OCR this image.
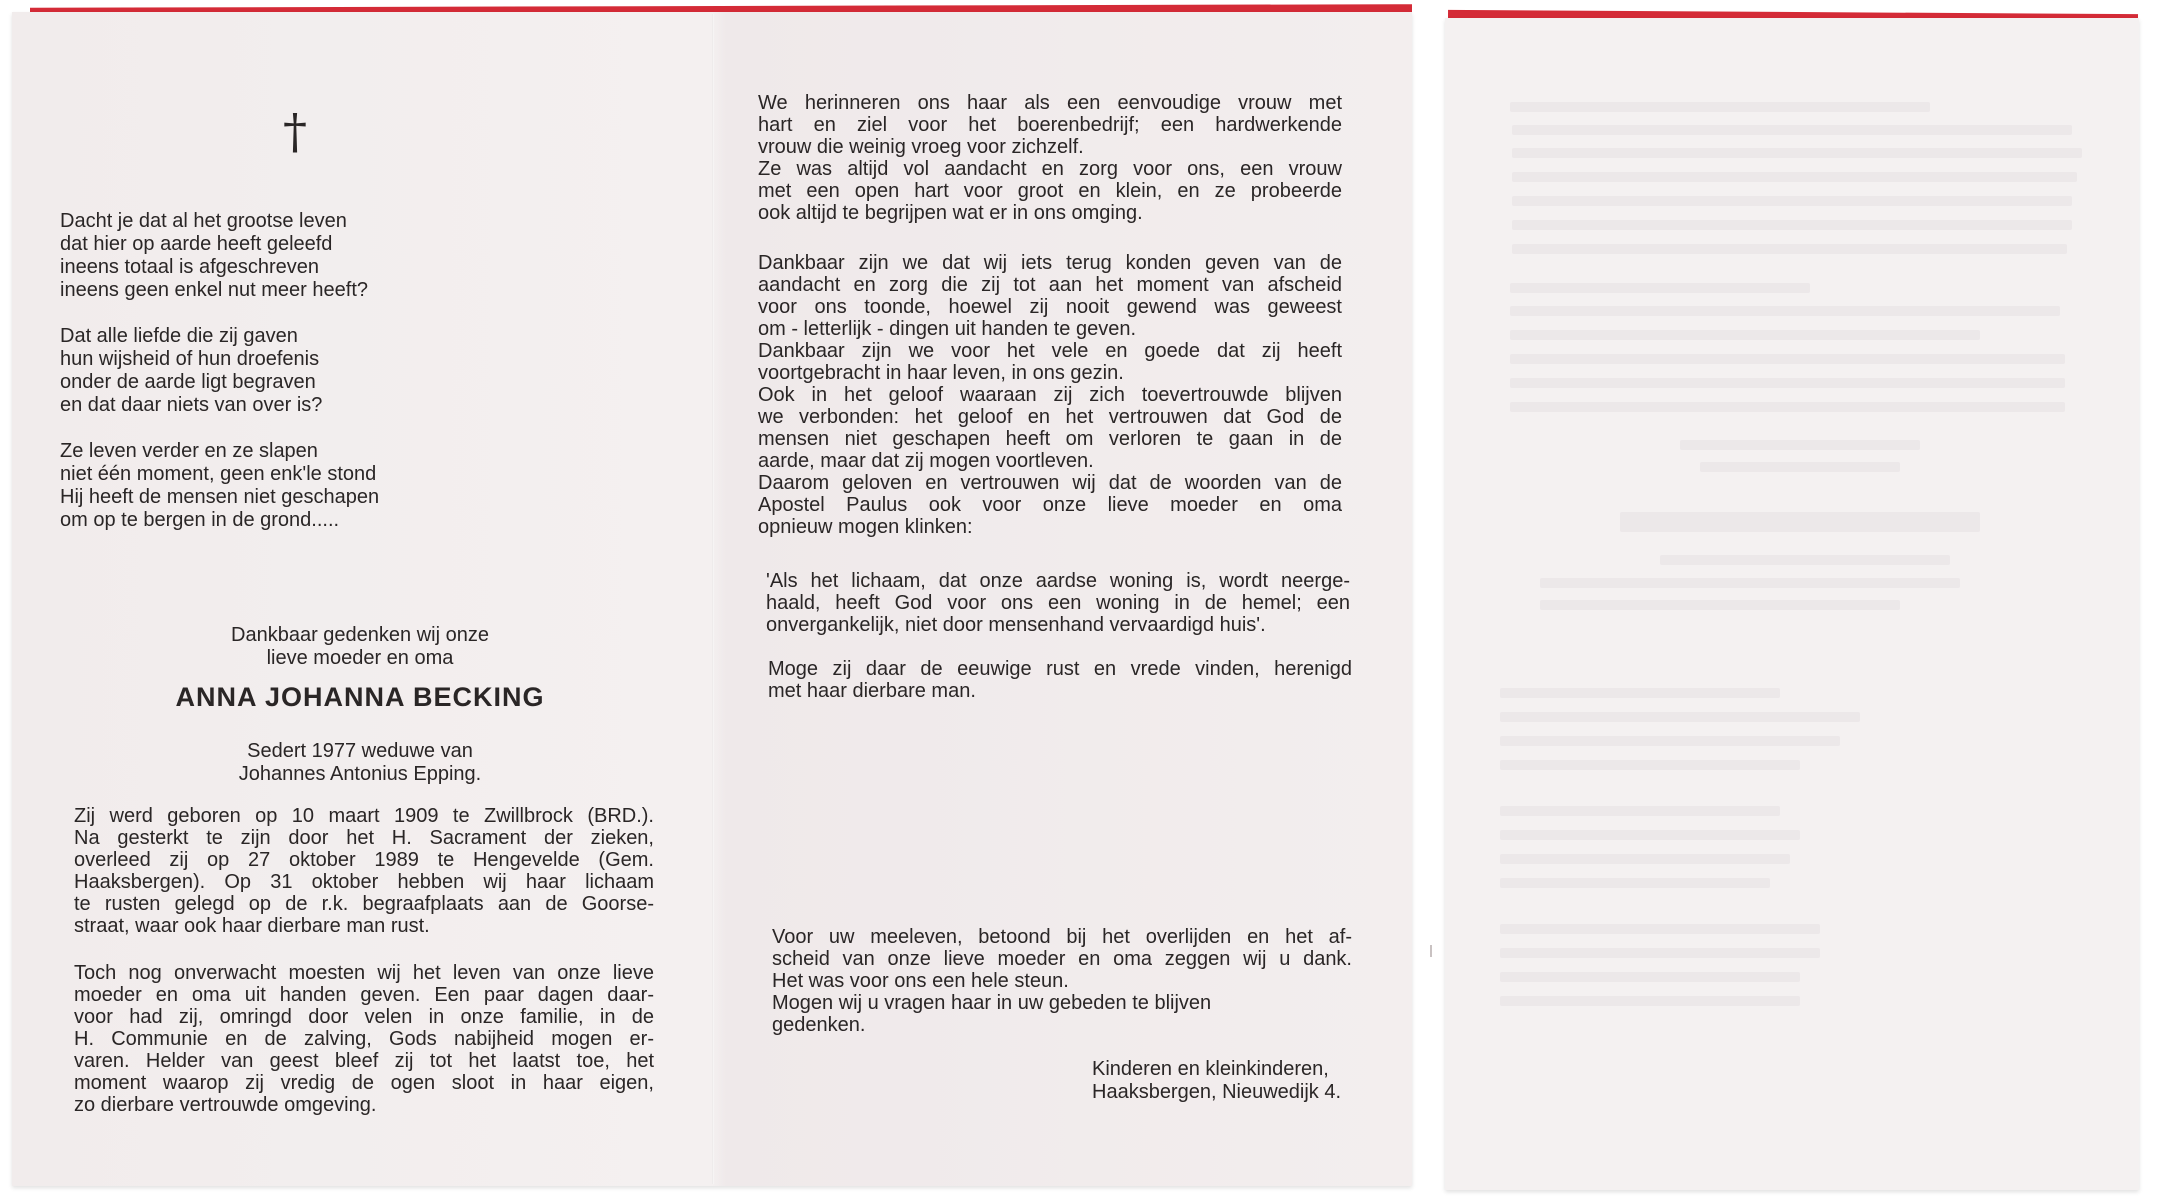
†
Dacht je dat al het grootse leven
dat hier op aarde heeft geleefd
ineens totaal is afgeschreven
ineens geen enkel nut meer heeft?
Dat alle liefde die zij gaven
hun wijsheid of hun droefenis
onder de aarde ligt begraven
en dat daar niets van over is?
Ze leven verder en ze slapen
niet één moment, geen enk'le stond
Hij heeft de mensen niet geschapen
om op te bergen in de grond.....
Dankbaar gedenken wij onze
lieve moeder en oma
ANNA JOHANNA BECKING
Sedert 1977 weduwe van
Johannes Antonius Epping.
Zij werd geboren op 10 maart 1909 te Zwillbrock (BRD.).
Na gesterkt te zijn door het H. Sacrament der zieken,
overleed zij op 27 oktober 1989 te Hengevelde (Gem.
Haaksbergen). Op 31 oktober hebben wij haar lichaam
te rusten gelegd op de r.k. begraafplaats aan de Goorse-
straat, waar ook haar dierbare man rust.
Toch nog onverwacht moesten wij het leven van onze lieve
moeder en oma uit handen geven. Een paar dagen daar-
voor had zij, omringd door velen in onze familie, in de
H. Communie en de zalving, Gods nabijheid mogen er-
varen. Helder van geest bleef zij tot het laatst toe, het
moment waarop zij vredig de ogen sloot in haar eigen,
zo dierbare vertrouwde omgeving.
We herinneren ons haar als een eenvoudige vrouw met
hart en ziel voor het boerenbedrijf; een hardwerkende
vrouw die weinig vroeg voor zichzelf.
Ze was altijd vol aandacht en zorg voor ons, een vrouw
met een open hart voor groot en klein, en ze probeerde
ook altijd te begrijpen wat er in ons omging.
Dankbaar zijn we dat wij iets terug konden geven van de
aandacht en zorg die zij tot aan het moment van afscheid
voor ons toonde, hoewel zij nooit gewend was geweest
om - letterlijk - dingen uit handen te geven.
Dankbaar zijn we voor het vele en goede dat zij heeft
voortgebracht in haar leven, in ons gezin.
Ook in het geloof waaraan zij zich toevertrouwde blijven
we verbonden: het geloof en het vertrouwen dat God de
mensen niet geschapen heeft om verloren te gaan in de
aarde, maar dat zij mogen voortleven.
Daarom geloven en vertrouwen wij dat de woorden van de
Apostel Paulus ook voor onze lieve moeder en oma
opnieuw mogen klinken:
'Als het lichaam, dat onze aardse woning is, wordt neerge-
haald, heeft God voor ons een woning in de hemel; een
onvergankelijk, niet door mensenhand vervaardigd huis'.
Moge zij daar de eeuwige rust en vrede vinden, herenigd
met haar dierbare man.
Voor uw meeleven, betoond bij het overlijden en het af-
scheid van onze lieve moeder en oma zeggen wij u dank.
Het was voor ons een hele steun.
Mogen wij u vragen haar in uw gebeden te blijven
gedenken.
Kinderen en kleinkinderen,
Haaksbergen, Nieuwedijk 4.
